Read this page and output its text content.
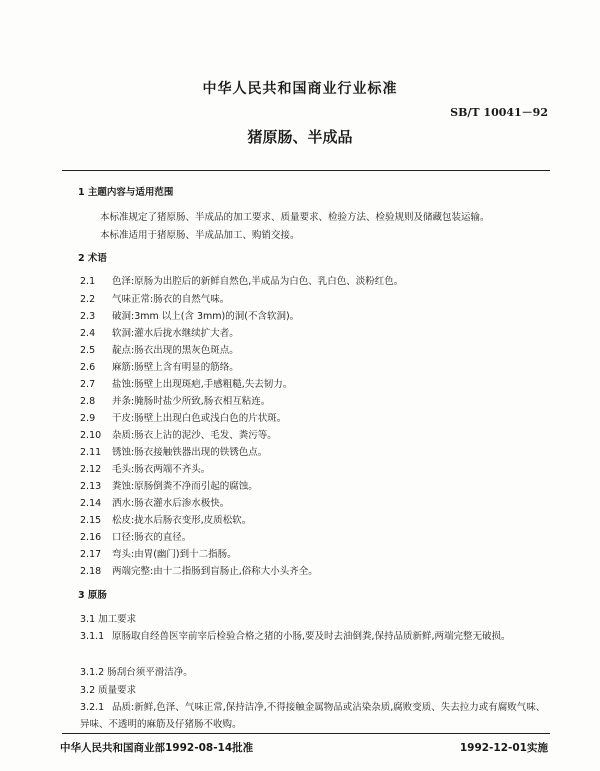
中华人民共和国商业行业标准
SB/T 10041－92
猪原肠、半成品
1 主题内容与适用范围
本标准规定了猪原肠、半成品的加工要求、质量要求、检验方法、检验规则及储藏包装运输。
本标准适用于猪原肠、半成品加工、购销交接。
2 术语
2.1 色泽:原肠为出腔后的新鲜自然色,半成品为白色、乳白色、淡粉红色。
2.2 气味正常:肠衣的自然气味。
2.3 破洞:3mm 以上(含 3mm)的洞(不含软洞)。
2.4 软洞:灌水后拢水继续扩大者。
2.5 靛点:肠衣出现的黑灰色斑点。
2.6 麻筋:肠壁上含有明显的筋络。
2.7 盐蚀:肠壁上出现斑疤,手感粗糙,失去韧力。
2.8 并条:腌肠时盐少所致,肠衣相互粘连。
2.9 干皮:肠壁上出现白色或浅白色的片状斑。
2.10 杂质:肠衣上沾的泥沙、毛发、粪污等。
2.11 锈蚀:肠衣接触铁器出现的铁锈色点。
2.12 毛头:肠衣两端不齐头。
2.13 粪蚀:原肠倒粪不净而引起的腐蚀。
2.14 洒水:肠衣灌水后渗水极快。
2.15 松皮:拢水后肠衣变形,皮质松软。
2.16 口径:肠衣的直径。
2.17 弯头:由胃(幽门)到十二指肠。
2.18 两端完整:由十二指肠到盲肠止,俗称大小头齐全。
3 原肠
3.1 加工要求
3.1.1 原肠取自经兽医宰前宰后检验合格之猪的小肠,要及时去油倒粪,保持品质新鲜,两端完整无破损。
3.1.2 肠刮台须平滑洁净。
3.2 质量要求
3.2.1 品质:新鲜,色泽、气味正常,保持洁净,不得接触金属物品或沾染杂质,腐败变质、失去拉力或有腐败气味、异味、不透明的麻筋及仔猪肠不收购。
中华人民共和国商业部1992-08-14批准	1992-12-01实施
